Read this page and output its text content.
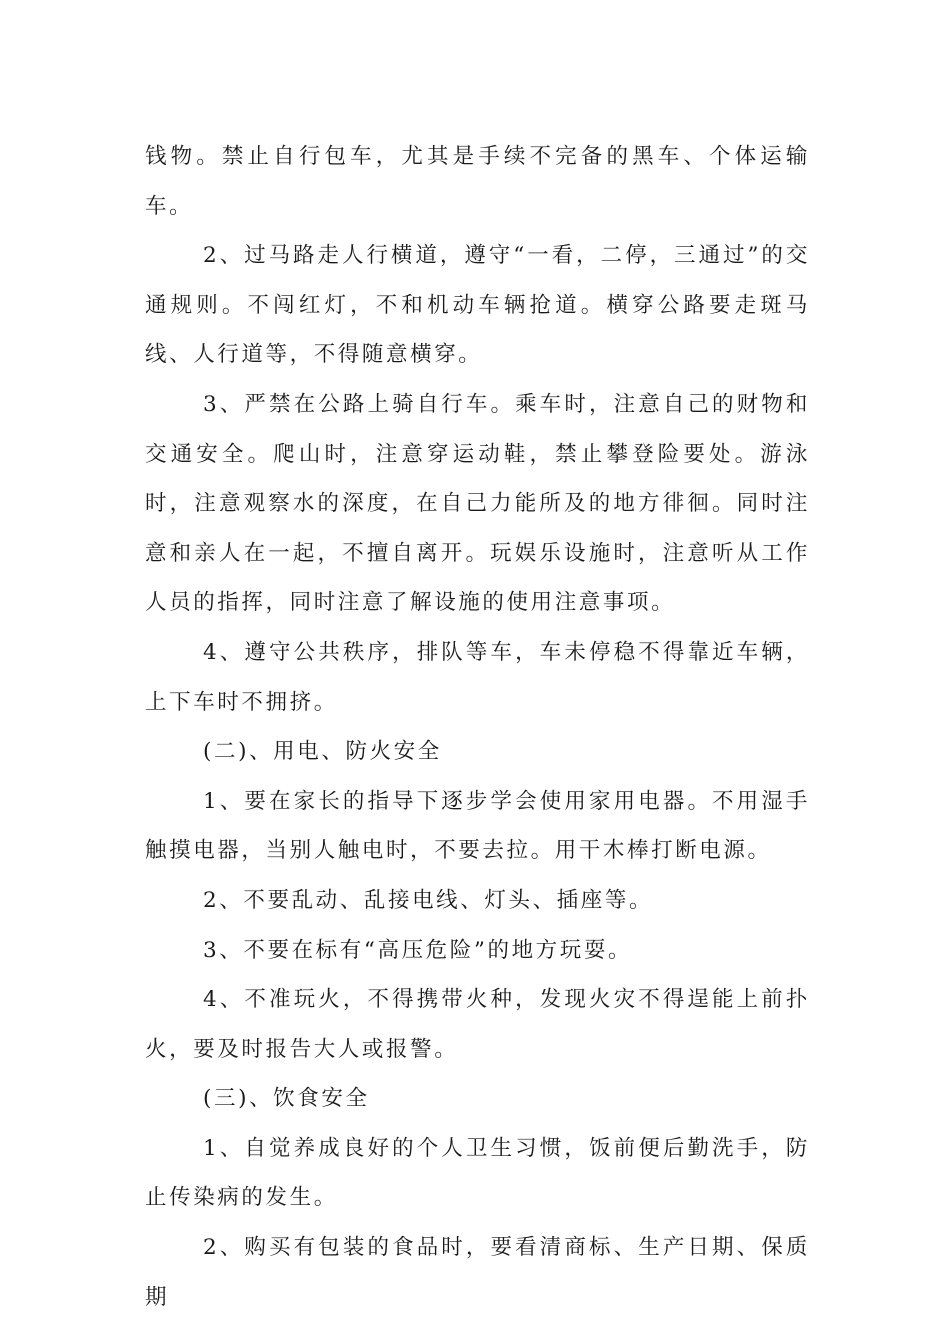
钱物。禁止自行包车，尤其是手续不完备的黑车、个体运输车。

2、过马路走人行横道，遵守“一看，二停，三通过”的交通规则。不闯红灯，不和机动车辆抢道。横穿公路要走斑马线、人行道等，不得随意横穿。

3、严禁在公路上骑自行车。乘车时，注意自己的财物和交通安全。爬山时，注意穿运动鞋，禁止攀登险要处。游泳时，注意观察水的深度，在自己力能所及的地方徘徊。同时注意和亲人在一起，不擅自离开。玩娱乐设施时，注意听从工作人员的指挥，同时注意了解设施的使用注意事项。

4、遵守公共秩序，排队等车，车未停稳不得靠近车辆，上下车时不拥挤。

(二)、用电、防火安全

1、要在家长的指导下逐步学会使用家用电器。不用湿手触摸电器，当别人触电时，不要去拉。用干木棒打断电源。

2、不要乱动、乱接电线、灯头、插座等。

3、不要在标有“高压危险”的地方玩耍。

4、不准玩火，不得携带火种，发现火灾不得逞能上前扑火，要及时报告大人或报警。

(三)、饮食安全

1、自觉养成良好的个人卫生习惯，饭前便后勤洗手，防止传染病的发生。

2、购买有包装的食品时，要看清商标、生产日期、保质期
